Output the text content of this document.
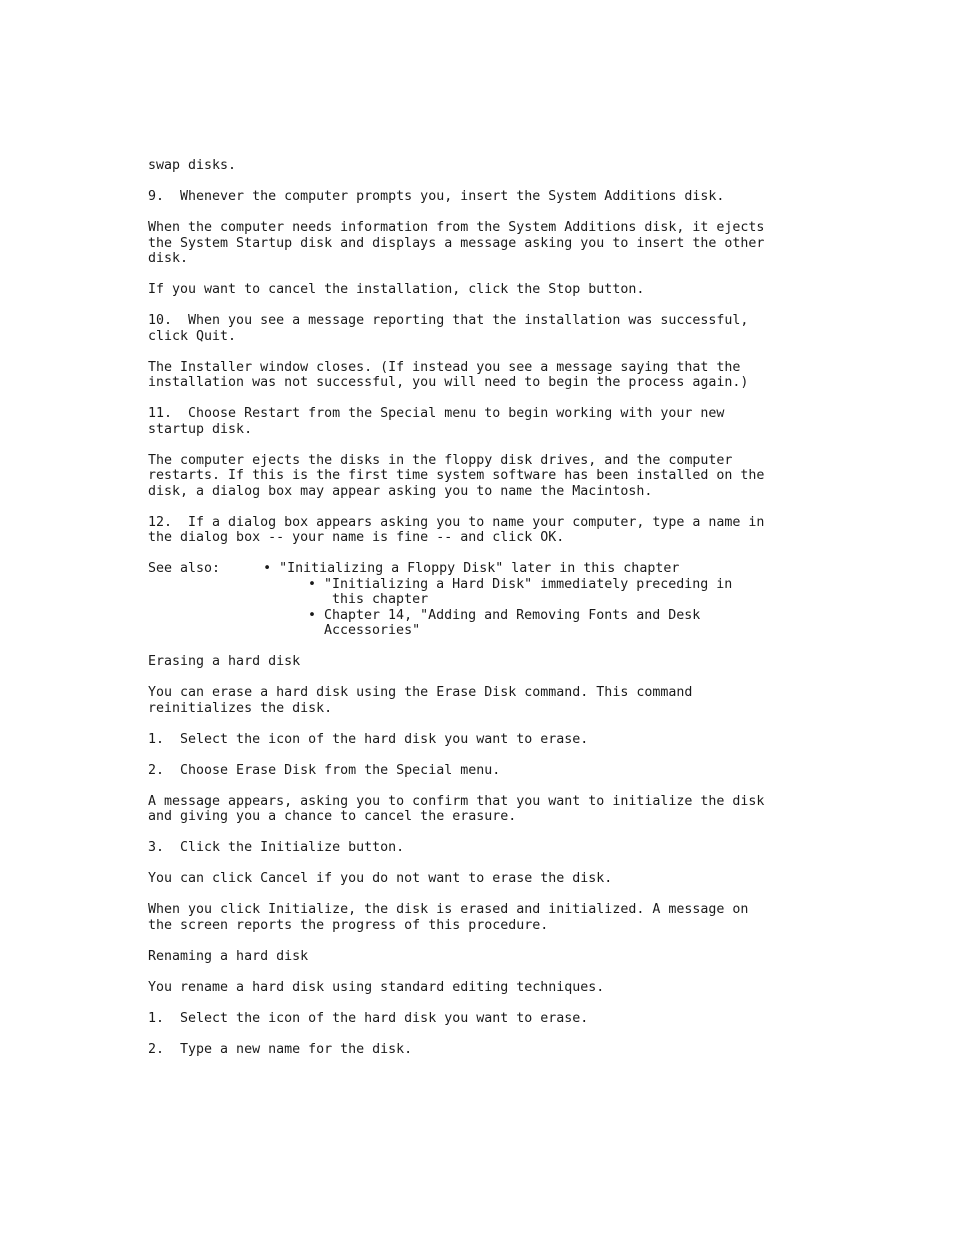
swap disks.

9.  Whenever the computer prompts you, insert the System Additions disk.

When the computer needs information from the System Additions disk, it ejects
the System Startup disk and displays a message asking you to insert the other
disk.

If you want to cancel the installation, click the Stop button.

10.  When you see a message reporting that the installation was successful,
click Quit.

The Installer window closes. (If instead you see a message saying that the
installation was not successful, you will need to begin the process again.)

11.  Choose Restart from the Special menu to begin working with your new
startup disk.

The computer ejects the disks in the floppy disk drives, and the computer
restarts. If this is the first time system software has been installed on the
disk, a dialog box may appear asking you to name the Macintosh.

12.  If a dialog box appears asking you to name your computer, type a name in
the dialog box -- your name is fine -- and click OK.

See also:	• "Initializing a Floppy Disk" later in this chapter
• "Initializing a Hard Disk" immediately preceding in
this chapter
• Chapter 14, "Adding and Removing Fonts and Desk
Accessories"

Erasing a hard disk

You can erase a hard disk using the Erase Disk command. This command
reinitializes the disk.

1.  Select the icon of the hard disk you want to erase.

2.  Choose Erase Disk from the Special menu.

A message appears, asking you to confirm that you want to initialize the disk
and giving you a chance to cancel the erasure.

3.  Click the Initialize button.

You can click Cancel if you do not want to erase the disk.

When you click Initialize, the disk is erased and initialized. A message on
the screen reports the progress of this procedure.

Renaming a hard disk

You rename a hard disk using standard editing techniques.

1.  Select the icon of the hard disk you want to erase.

2.  Type a new name for the disk.
